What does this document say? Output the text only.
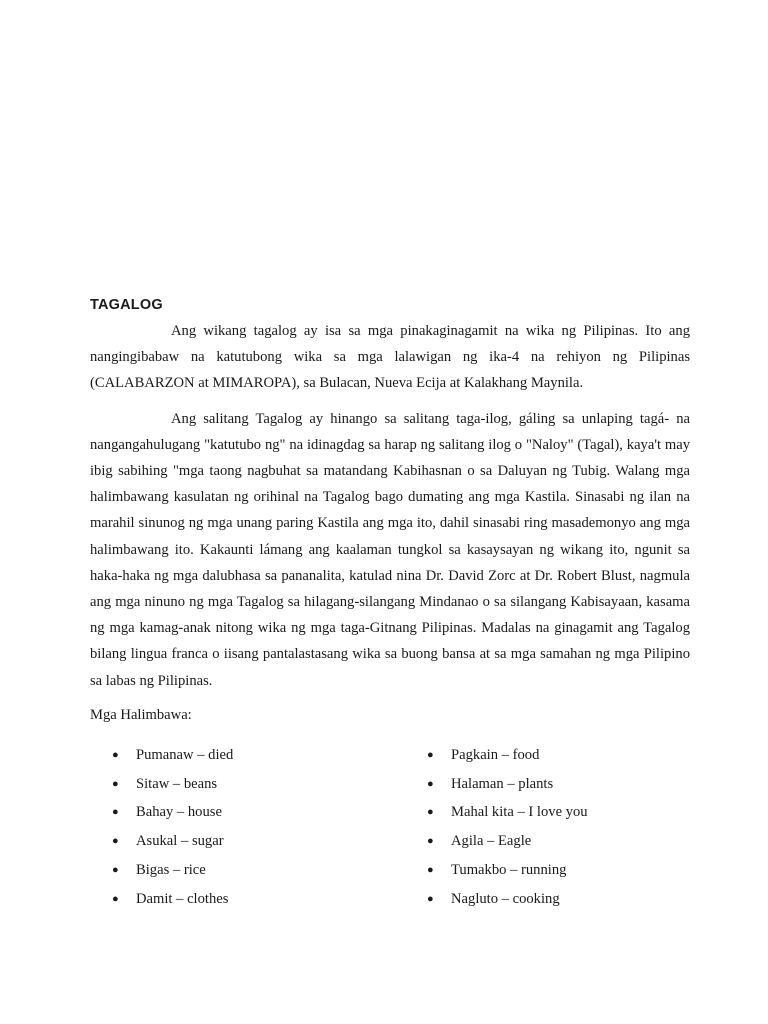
TAGALOG

Ang wikang tagalog ay isa sa mga pinakaginagamit na wika ng Pilipinas. Ito ang nangingibabaw na katutubong wika sa mga lalawigan ng ika-4 na rehiyon ng Pilipinas (CALABARZON at MIMAROPA), sa Bulacan, Nueva Ecija at Kalakhang Maynila.

Ang salitang Tagalog ay hinango sa salitang taga-ilog, gáling sa unlaping tagá- na nangangahulugang "katutubo ng" na idinagdag sa harap ng salitang ilog o "Naloy" (Tagal), kaya't may ibig sabihing "mga taong nagbuhat sa matandang Kabihasnan o sa Daluyan ng Tubig. Walang mga halimbawang kasulatan ng orihinal na Tagalog bago dumating ang mga Kastila. Sinasabi ng ilan na marahil sinunog ng mga unang paring Kastila ang mga ito, dahil sinasabi ring masademonyo ang mga halimbawang ito. Kakaunti lámang ang kaalaman tungkol sa kasaysayan ng wikang ito, ngunit sa haka-haka ng mga dalubhasa sa pananalita, katulad nina Dr. David Zorc at Dr. Robert Blust, nagmula ang mga ninuno ng mga Tagalog sa hilagang-silangang Mindanao o sa silangang Kabisayaan, kasama ng mga kamag-anak nitong wika ng mga taga-Gitnang Pilipinas. Madalas na ginagamit ang Tagalog bilang lingua franca o iisang pantalastasang wika sa buong bansa at sa mga samahan ng mga Pilipino sa labas ng Pilipinas.

Mga Halimbawa:

● Pumanaw – died
● Sitaw – beans
● Bahay – house
● Asukal – sugar
● Bigas – rice
● Damit – clothes
● Pagkain – food
● Halaman – plants
● Mahal kita – I love you
● Agila – Eagle
● Tumakbo – running
● Nagluto – cooking
